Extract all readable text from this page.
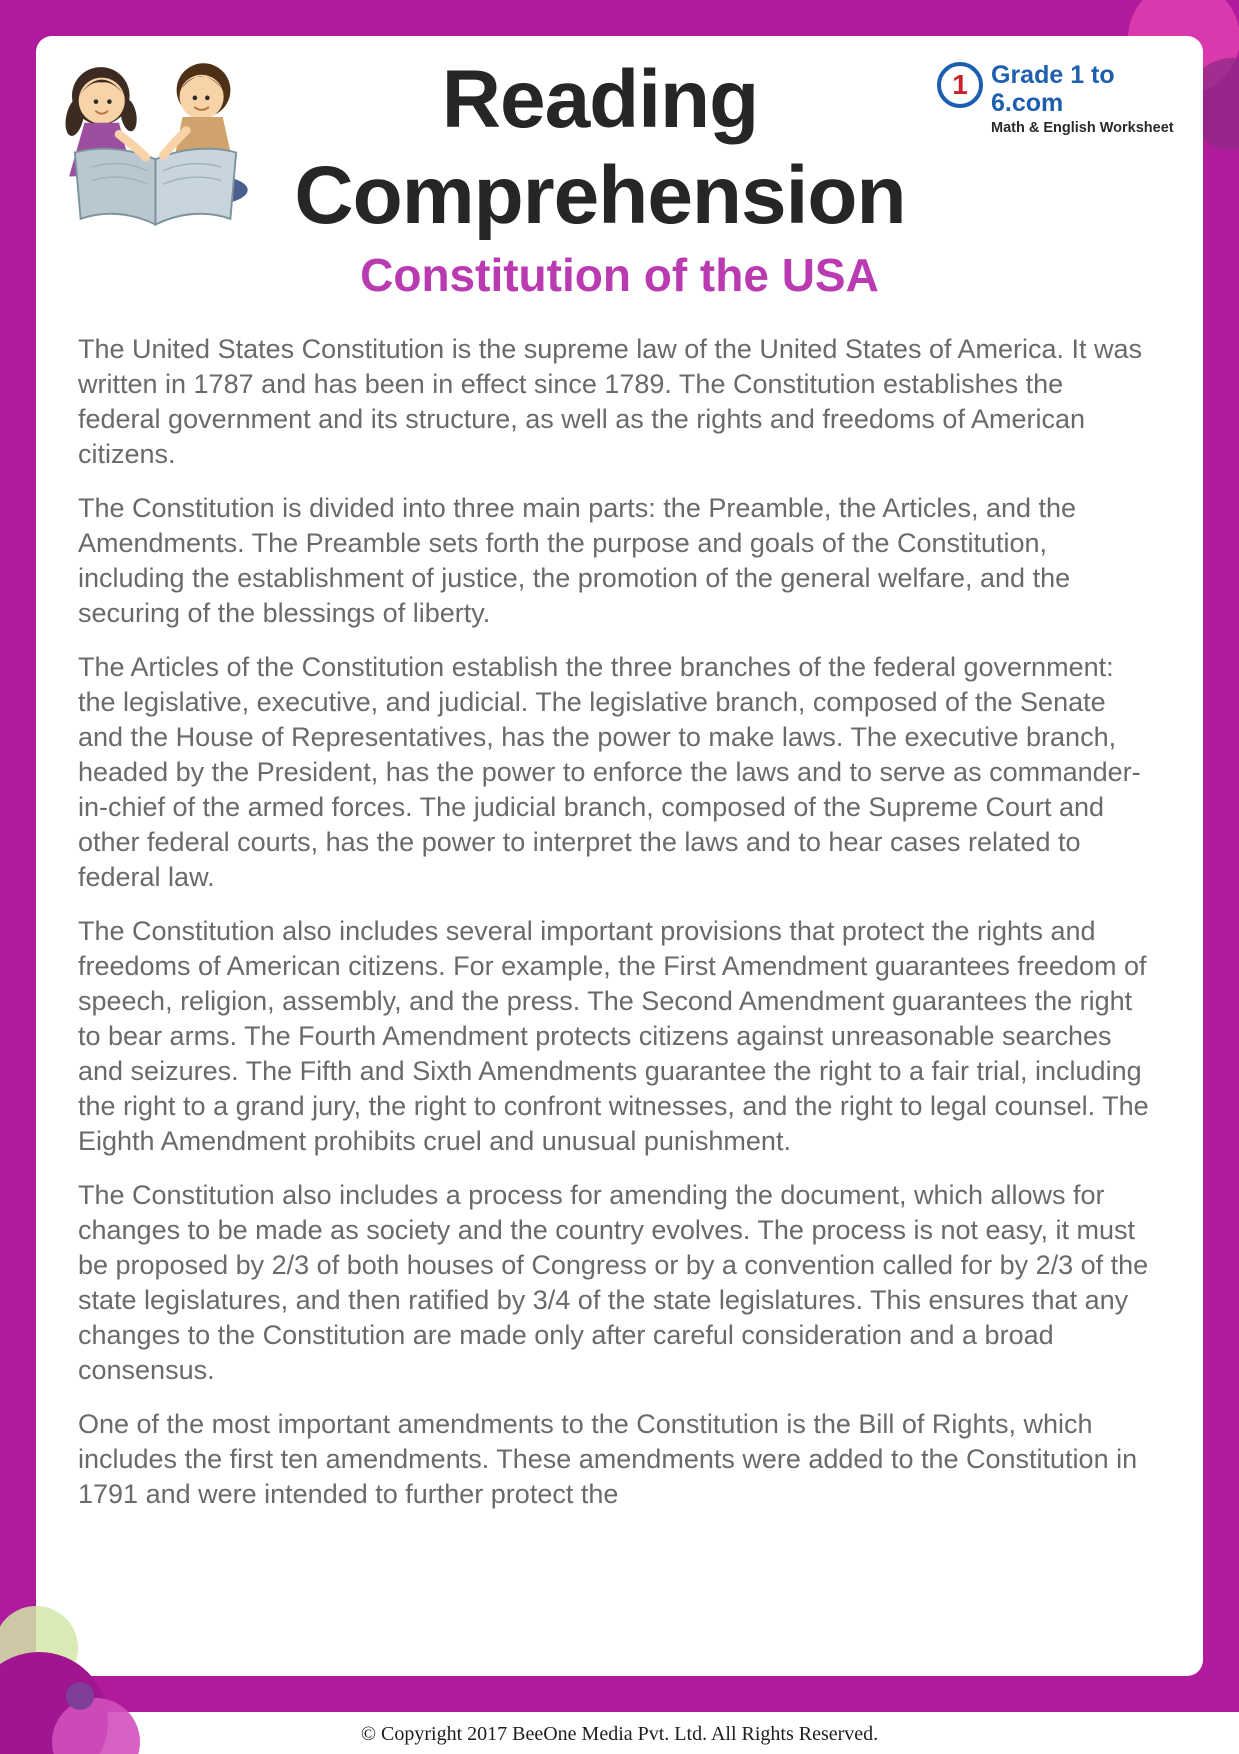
Reading
Comprehension
1 Grade 1 to 6.com
Math & English Worksheet
Constitution of the USA

The United States Constitution is the supreme law of the United States of America. It was written in 1787 and has been in effect since 1789. The Constitution establishes the federal government and its structure, as well as the rights and freedoms of American citizens.

The Constitution is divided into three main parts: the Preamble, the Articles, and the Amendments. The Preamble sets forth the purpose and goals of the Constitution, including the establishment of justice, the promotion of the general welfare, and the securing of the blessings of liberty.

The Articles of the Constitution establish the three branches of the federal government: the legislative, executive, and judicial. The legislative branch, composed of the Senate and the House of Representatives, has the power to make laws. The executive branch, headed by the President, has the power to enforce the laws and to serve as commander-in-chief of the armed forces. The judicial branch, composed of the Supreme Court and other federal courts, has the power to interpret the laws and to hear cases related to federal law.

The Constitution also includes several important provisions that protect the rights and freedoms of American citizens. For example, the First Amendment guarantees freedom of speech, religion, assembly, and the press. The Second Amendment guarantees the right to bear arms. The Fourth Amendment protects citizens against unreasonable searches and seizures. The Fifth and Sixth Amendments guarantee the right to a fair trial, including the right to a grand jury, the right to confront witnesses, and the right to legal counsel. The Eighth Amendment prohibits cruel and unusual punishment.

The Constitution also includes a process for amending the document, which allows for changes to be made as society and the country evolves. The process is not easy, it must be proposed by 2/3 of both houses of Congress or by a convention called for by 2/3 of the state legislatures, and then ratified by 3/4 of the state legislatures. This ensures that any changes to the Constitution are made only after careful consideration and a broad consensus.

One of the most important amendments to the Constitution is the Bill of Rights, which includes the first ten amendments. These amendments were added to the Constitution in 1791 and were intended to further protect the

© Copyright 2017 BeeOne Media Pvt. Ltd. All Rights Reserved.
